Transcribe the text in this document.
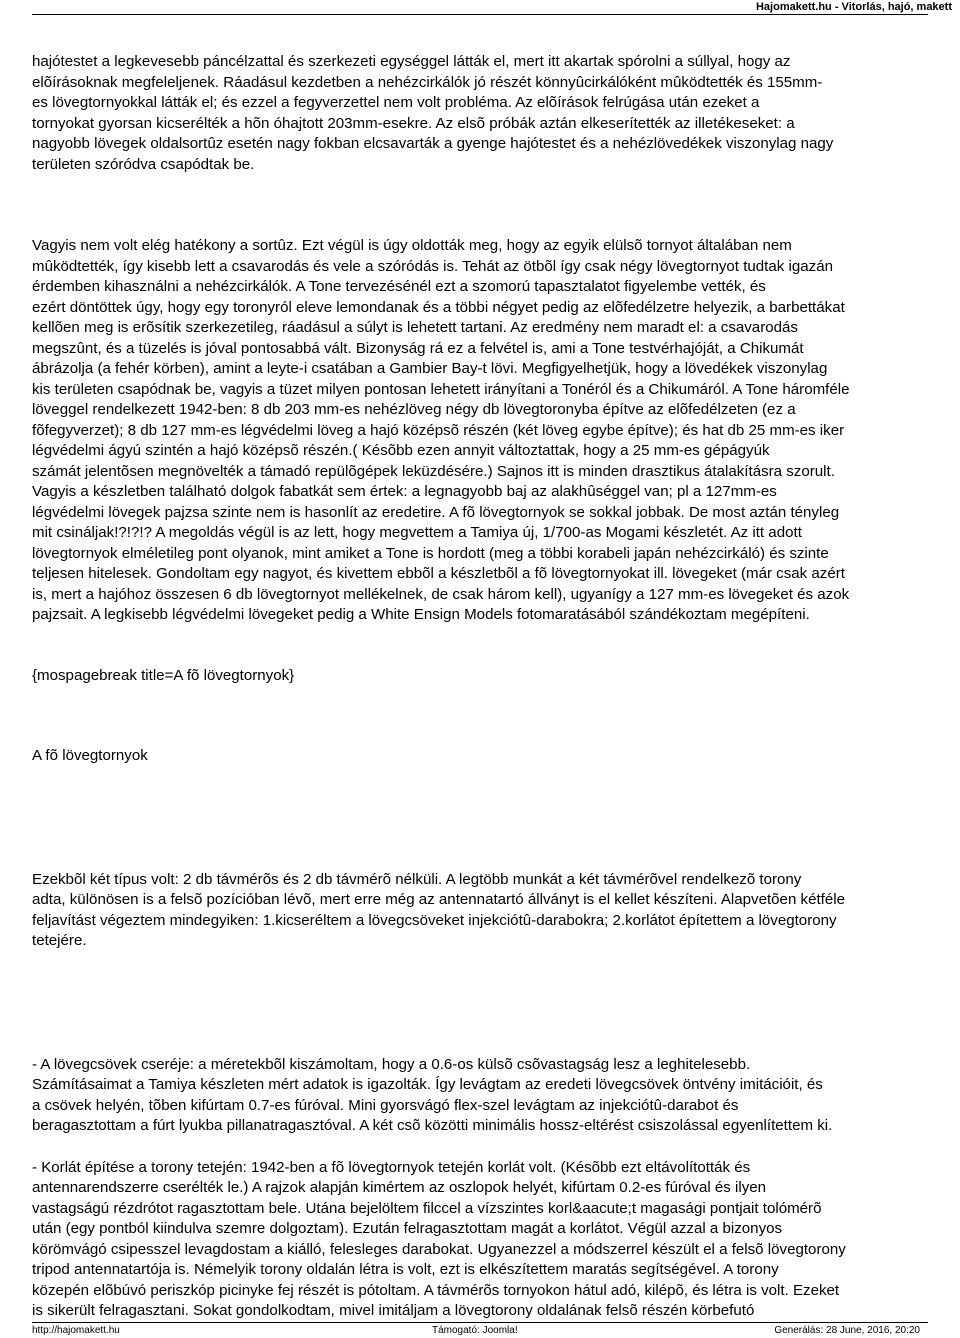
Hajomakett.hu - Vitorlás, hajó, makett

hajótestet a legkevesebb páncélzattal és szerkezeti egységgel látták el, mert itt akartak spórolni a súllyal, hogy az
elõírásoknak megfeleljenek. Ráadásul kezdetben a nehézcirkálók jó részét könnyûcirkálóként mûködtették és 155mm-
es lövegtornyokkal látták el; és ezzel a fegyverzettel nem volt probléma. Az elõírások felrúgása után ezeket a
tornyokat gyorsan kicserélték a hõn óhajtott 203mm-esekre. Az elsõ próbák aztán elkeserítették az illetékeseket: a
nagyobb lövegek oldalsortûz esetén nagy fokban elcsavarták a gyenge hajótestet és a nehézlövedékek viszonylag nagy
területen szóródva csapódtak be.

Vagyis nem volt elég hatékony a sortûz. Ezt végül is úgy oldották meg, hogy az egyik elülsõ tornyot általában nem
mûködtették, így kisebb lett a csavarodás és vele a szóródás is. Tehát az ötbõl így csak négy lövegtornyot tudtak igazán
érdemben kihasználni a nehézcirkálók. A Tone tervezésénél ezt a szomorú tapasztalatot figyelembe vették, és
ezért döntöttek úgy, hogy egy toronyról eleve lemondanak és a többi négyet pedig az elõfedélzetre helyezik, a barbettákat
kellõen meg is erõsítik szerkezetileg, ráadásul a súlyt is lehetett tartani. Az eredmény nem maradt el: a csavarodás
megszûnt, és a tüzelés is jóval pontosabbá vált. Bizonyság rá ez a felvétel is, ami a Tone testvérhajóját, a Chikumát
ábrázolja (a fehér körben), amint a leyte-i csatában a Gambier Bay-t lövi. Megfigyelhetjük, hogy a lövedékek viszonylag
kis területen csapódnak be, vagyis a tüzet milyen pontosan lehetett irányítani a Tonéról és a Chikumáról. A Tone háromféle
löveggel rendelkezett 1942-ben: 8 db 203 mm-es nehézlöveg négy db lövegtoronyba építve az elõfedélzeten (ez a
fõfegyverzet); 8 db 127 mm-es légvédelmi löveg a hajó középsõ részén (két löveg egybe építve); és hat db 25 mm-es iker
légvédelmi ágyú szintén a hajó középsõ részén.( Késõbb ezen annyit változtattak, hogy a 25 mm-es gépágyúk
számát jelentõsen megnövelték a támadó repülõgépek leküzdésére.) Sajnos itt is minden drasztikus átalakításra szorult.
Vagyis a készletben található dolgok fabatkát sem értek: a legnagyobb baj az alakhûséggel van; pl a 127mm-es
légvédelmi lövegek pajzsa szinte nem is hasonlít az eredetire. A fõ lövegtornyok se sokkal jobbak. De most aztán tényleg
mit csináljak!?!?!? A megoldás végül is az lett, hogy megvettem a Tamiya új, 1/700-as Mogami készletét. Az itt adott
lövegtornyok elméletileg pont olyanok, mint amiket a Tone is hordott (meg a többi korabeli japán nehézcirkáló) és szinte
teljesen hitelesek. Gondoltam egy nagyot, és kivettem ebbõl a készletbõl a fõ lövegtornyokat ill. lövegeket (már csak azért
is, mert a hajóhoz összesen 6 db lövegtornyot mellékelnek, de csak három kell), ugyanígy a 127 mm-es lövegeket és azok
pajzsait. A legkisebb légvédelmi lövegeket pedig a White Ensign Models fotomaratásából szándékoztam megépíteni.

{mospagebreak title=A fõ lövegtornyok}

A fõ lövegtornyok

Ezekbõl két típus volt: 2 db távmérõs és 2 db távmérõ nélküli. A legtöbb munkát a két távmérõvel rendelkezõ torony
adta, különösen is a felsõ pozícióban lévõ, mert erre még az antennatartó állványt is el kellet készíteni. Alapvetõen kétféle
feljavítást végeztem mindegyiken: 1.kicseréltem a lövegcsöveket injekciótû-darabokra; 2.korlátot építettem a lövegtorony
tetejére.

- A lövegcsövek cseréje: a méretekbõl kiszámoltam, hogy a 0.6-os külsõ csõvastagság lesz a leghitelesebb.
Számításaimat a Tamiya készleten mért adatok is igazolták. Így levágtam az eredeti lövegcsövek öntvény imitációit, és
a csövek helyén, tõben kifúrtam 0.7-es fúróval. Mini gyorsvágó flex-szel levágtam az injekciótû-darabot és
beragasztottam a fúrt lyukba pillanatragasztóval. A két csõ közötti minimális hossz-eltérést csiszolással egyenlítettem ki.

- Korlát építése a torony tetején: 1942-ben a fõ lövegtornyok tetején korlát volt. (Késõbb ezt eltávolították és
antennarendszerre cserélték le.) A rajzok alapján kimértem az oszlopok helyét, kifúrtam 0.2-es fúróval és ilyen
vastagságú rézdrótot ragasztottam bele. Utána bejelöltem filccel a vízszintes korl&aacute;t magasági pontjait tolómérõ
után (egy pontból kiindulva szemre dolgoztam). Ezután felragasztottam magát a korlátot. Végül azzal a bizonyos
körömvágó csipesszel levagdostam a kiálló, felesleges darabokat. Ugyanezzel a módszerrel készült el a felsõ lövegtorony
tripod antennatartója is. Némelyik torony oldalán létra is volt, ezt is elkészítettem maratás segítségével. A torony
közepén elõbúvó periszkóp picinyke fej részét is pótoltam. A távmérõs tornyokon hátul adó, kilépõ, és létra is volt. Ezeket
is sikerült felragasztani. Sokat gondolkodtam, mivel imitáljam a lövegtorony oldalának felsõ részén körbefutó

http://hajomakett.hu	Támogató: Joomla!	Generálás: 28 June, 2016, 20:20
